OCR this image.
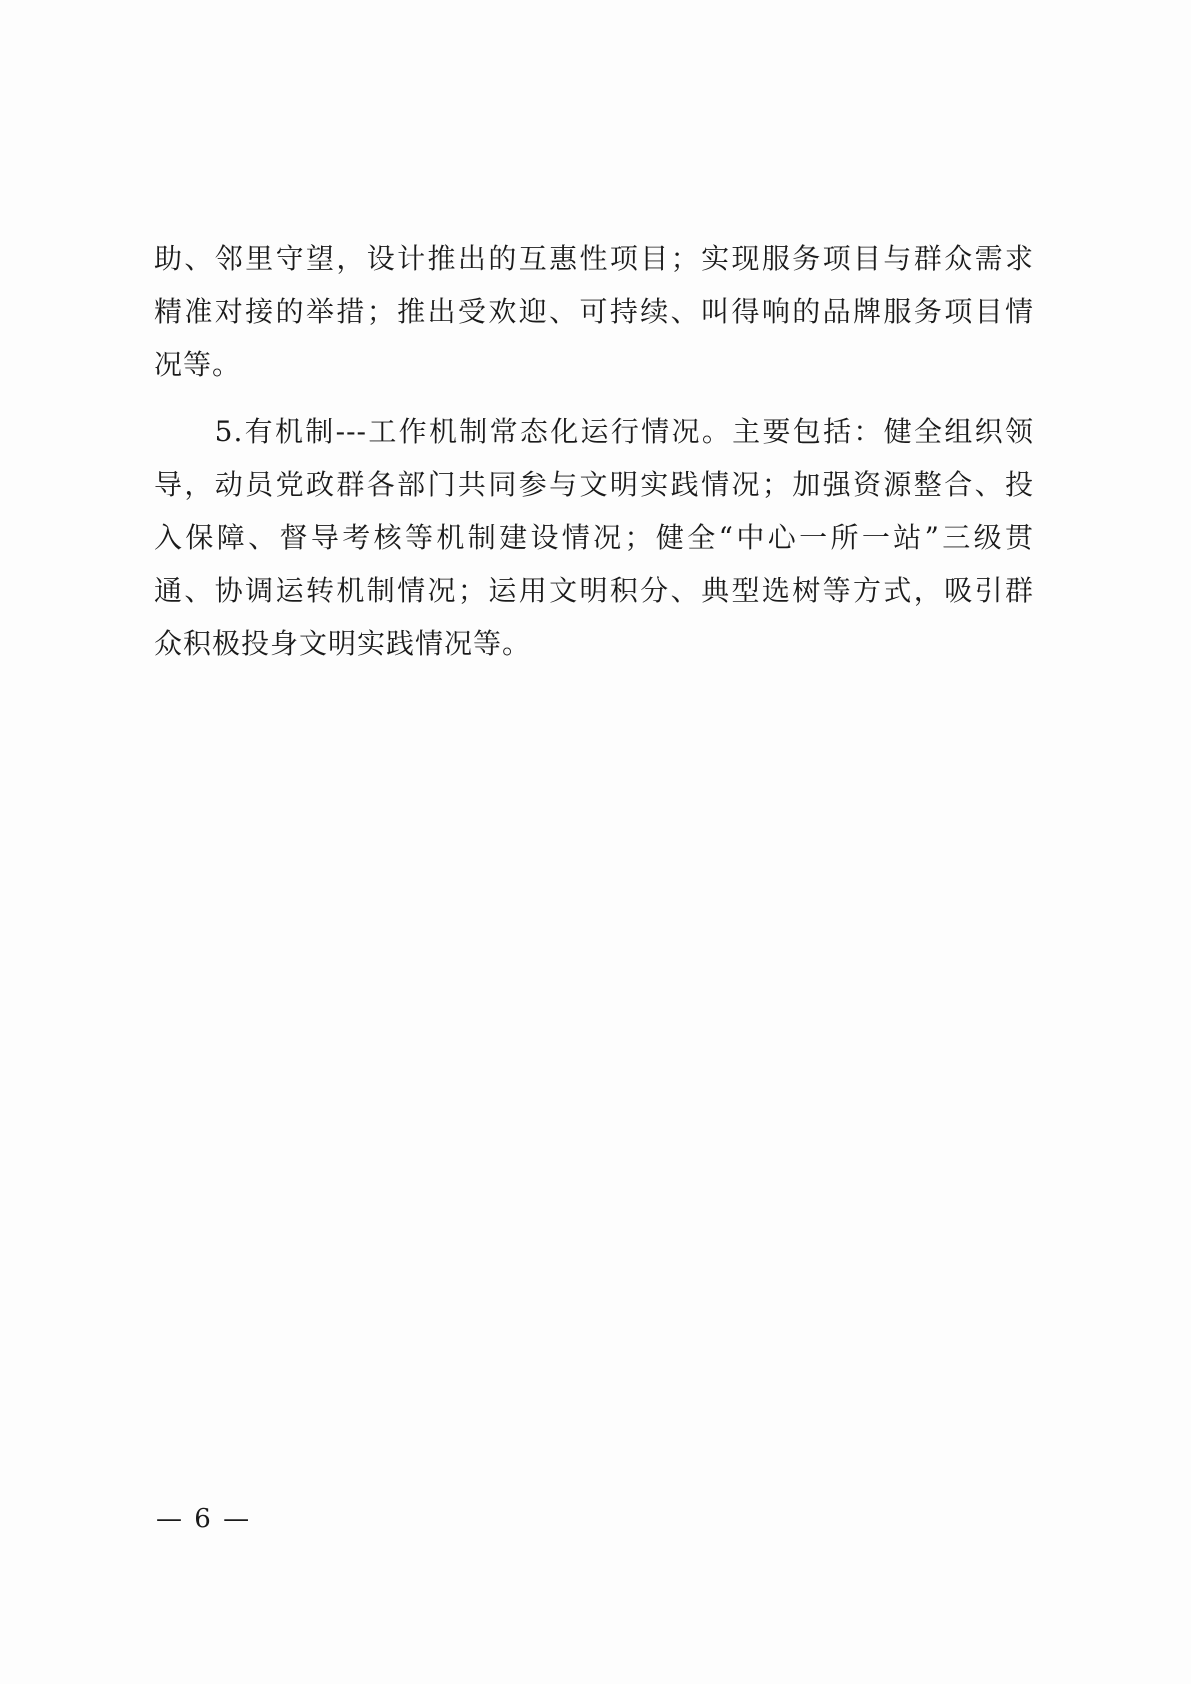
助、邻里守望，设计推出的互惠性项目；实现服务项目与群众需求
精准对接的举措；推出受欢迎、可持续、叫得响的品牌服务项目情
况等。
　　5.有机制---工作机制常态化运行情况。主要包括：健全组织领
导，动员党政群各部门共同参与文明实践情况；加强资源整合、投
入保障、督导考核等机制建设情况；健全“中心一所一站”三级贯
通、协调运转机制情况；运用文明积分、典型选树等方式，吸引群
众积极投身文明实践情况等。
— 6 —
